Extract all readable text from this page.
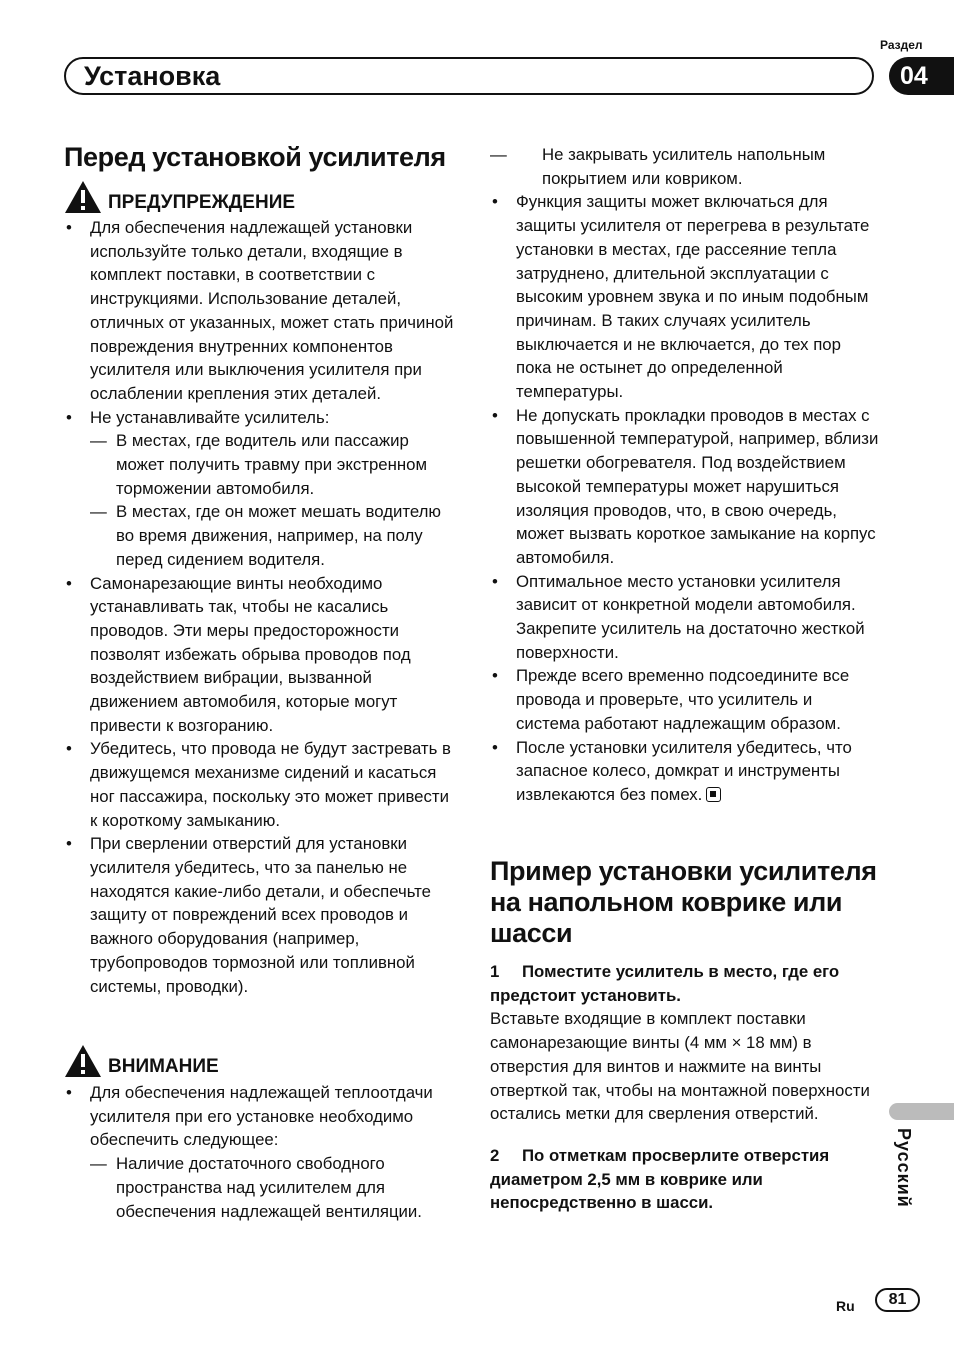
Установка
Раздел
04
Перед установкой усилителя
ПРЕДУПРЕЖДЕНИЕ
• Для обеспечения надлежащей установки используйте только детали, входящие в комплект поставки, в соответствии с инструкциями. Использование деталей, отличных от указанных, может стать причиной повреждения внутренних компонентов усилителя или выключения усилителя при ослаблении крепления этих деталей.
• Не устанавливайте усилитель:
— В местах, где водитель или пассажир может получить травму при экстренном торможении автомобиля.
— В местах, где он может мешать водителю во время движения, например, на полу перед сидением водителя.
• Самонарезающие винты необходимо устанавливать так, чтобы не касались проводов. Эти меры предосторожности позволят избежать обрыва проводов под воздействием вибрации, вызванной движением автомобиля, которые могут привести к возгоранию.
• Убедитесь, что провода не будут застревать в движущемся механизме сидений и касаться ног пассажира, поскольку это может привести к короткому замыканию.
• При сверлении отверстий для установки усилителя убедитесь, что за панелью не находятся какие-либо детали, и обеспечьте защиту от повреждений всех проводов и важного оборудования (например, трубопроводов тормозной или топливной системы, проводки).
ВНИМАНИЕ
• Для обеспечения надлежащей теплоотдачи усилителя при его установке необходимо обеспечить следующее:
— Наличие достаточного свободного пространства над усилителем для обеспечения надлежащей вентиляции.
— Не закрывать усилитель напольным покрытием или ковриком.
• Функция защиты может включаться для защиты усилителя от перегрева в результате установки в местах, где рассеяние тепла затруднено, длительной эксплуатации с высоким уровнем звука и по иным подобным причинам. В таких случаях усилитель выключается и не включается, до тех пор пока не остынет до определенной температуры.
• Не допускать прокладки проводов в местах с повышенной температурой, например, вблизи решетки обогревателя. Под воздействием высокой температуры может нарушиться изоляция проводов, что, в свою очередь, может вызвать короткое замыкание на корпус автомобиля.
• Оптимальное место установки усилителя зависит от конкретной модели автомобиля. Закрепите усилитель на достаточно жесткой поверхности.
• Прежде всего временно подсоедините все провода и проверьте, что усилитель и система работают надлежащим образом.
• После установки усилителя убедитесь, что запасное колесо, домкрат и инструменты извлекаются без помех.
Пример установки усилителя на напольном коврике или шасси
1 Поместите усилитель в место, где его предстоит установить.
Вставьте входящие в комплект поставки самонарезающие винты (4 мм × 18 мм) в отверстия для винтов и нажмите на винты отверткой так, чтобы на монтажной поверхности остались метки для сверления отверстий.
2 По отметкам просверлите отверстия диаметром 2,5 мм в коврике или непосредственно в шасси.	Русский
Ru	81
